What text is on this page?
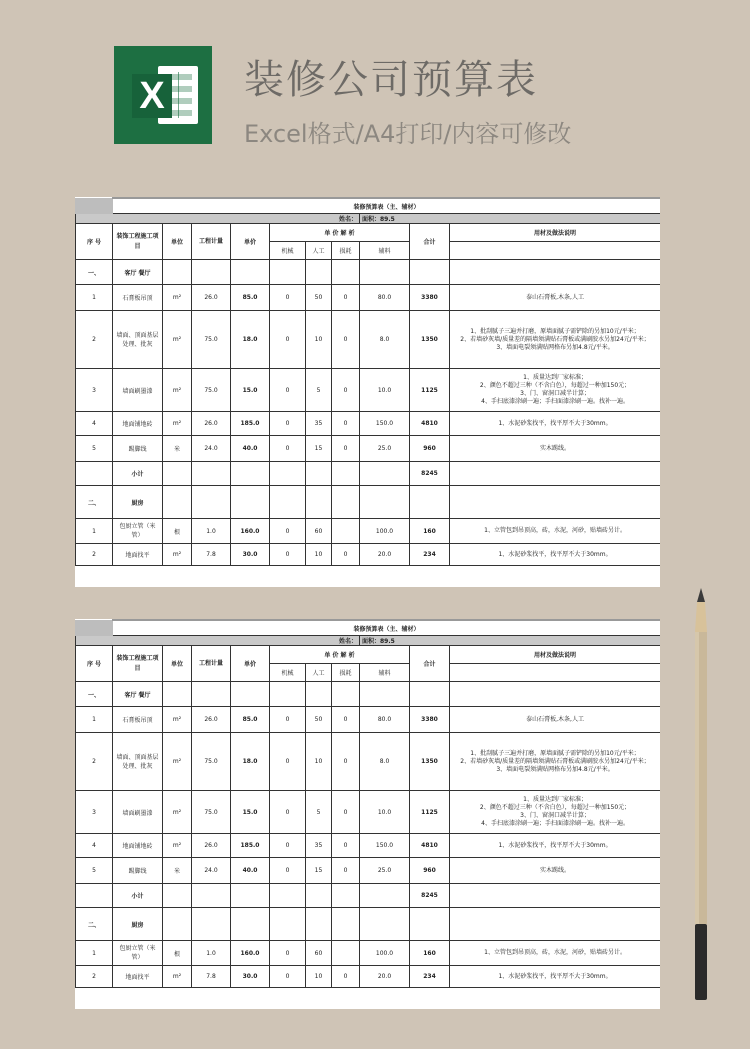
X 装修公司预算表
Excel格式/A4打印/内容可修改
	装修预算表（主、辅材）									
姓名：								面积：89.5		
序 号	装饰工程施工项目	单位	工程计量	单价	单 价 解 析				合计	用材及做法说明
					机械	人工	损耗	辅料		
一、	客厅 餐厅									
1	石膏板吊顶	m²	26.0	85.0	0	50	0	80.0	3380	泰山石膏板,木条,人工
2	墙面、顶面基层处理、批灰	m²	75.0	18.0	0	10	0	8.0	1350	1、批刮腻子三遍并打磨，原墙面腻子需铲除的另加10元/平米；
2、若墙砂灰墙/质量差的隔墙须满贴石膏板或满刷胶水另加24元/平米；
3、墙面电裂须满贴网格布另加4.8元/平米。
3	墙面刷墨漆	m²	75.0	15.0	0	5	0	10.0	1125	1、质量达到厂家标准；
2、颜色不超过三种（不含白色），每超过一种加150元；
3、门、窗洞口减半计算；
4、手扫底漆涂刷一遍；手扫面漆涂刷一遍。找补一遍。
4	地面铺地砖	m²	26.0	185.0	0	35	0	150.0	4810	1、水泥砂浆找平，找平厚不大于30mm。
5	踢脚线	米	24.0	40.0	0	15	0	25.0	960	实木踢线。
	小计								8245	
二、	厨房									
1	包厨立管（米管）	根	1.0	160.0	0	60		100.0	160	1、立管包到吊顶高，砖，水泥，河砂，贴墙砖另计。
2	地面找平	m²	7.8	30.0	0	10	0	20.0	234	1、水泥砂浆找平，找平厚不大于30mm。
	装修预算表（主、辅材）									
姓名：								面积：89.5		
序 号	装饰工程施工项目	单位	工程计量	单价	单 价 解 析				合计	用材及做法说明
					机械	人工	损耗	辅料		
一、	客厅 餐厅									
1	石膏板吊顶	m²	26.0	85.0	0	50	0	80.0	3380	泰山石膏板,木条,人工
2	墙面、顶面基层处理、批灰	m²	75.0	18.0	0	10	0	8.0	1350	1、批刮腻子三遍并打磨，原墙面腻子需铲除的另加10元/平米；
2、若墙砂灰墙/质量差的隔墙须满贴石膏板或满刷胶水另加24元/平米；
3、墙面电裂须满贴网格布另加4.8元/平米。
3	墙面刷墨漆	m²	75.0	15.0	0	5	0	10.0	1125	1、质量达到厂家标准；
2、颜色不超过三种（不含白色），每超过一种加150元；
3、门、窗洞口减半计算；
4、手扫底漆涂刷一遍；手扫面漆涂刷一遍。找补一遍。
4	地面铺地砖	m²	26.0	185.0	0	35	0	150.0	4810	1、水泥砂浆找平，找平厚不大于30mm。
5	踢脚线	米	24.0	40.0	0	15	0	25.0	960	实木踢线。
	小计								8245	
二、	厨房									
1	包厨立管（米管）	根	1.0	160.0	0	60		100.0	160	1、立管包到吊顶高，砖，水泥，河砂，贴墙砖另计。
2	地面找平	m²	7.8	30.0	0	10	0	20.0	234	1、水泥砂浆找平，找平厚不大于30mm。
